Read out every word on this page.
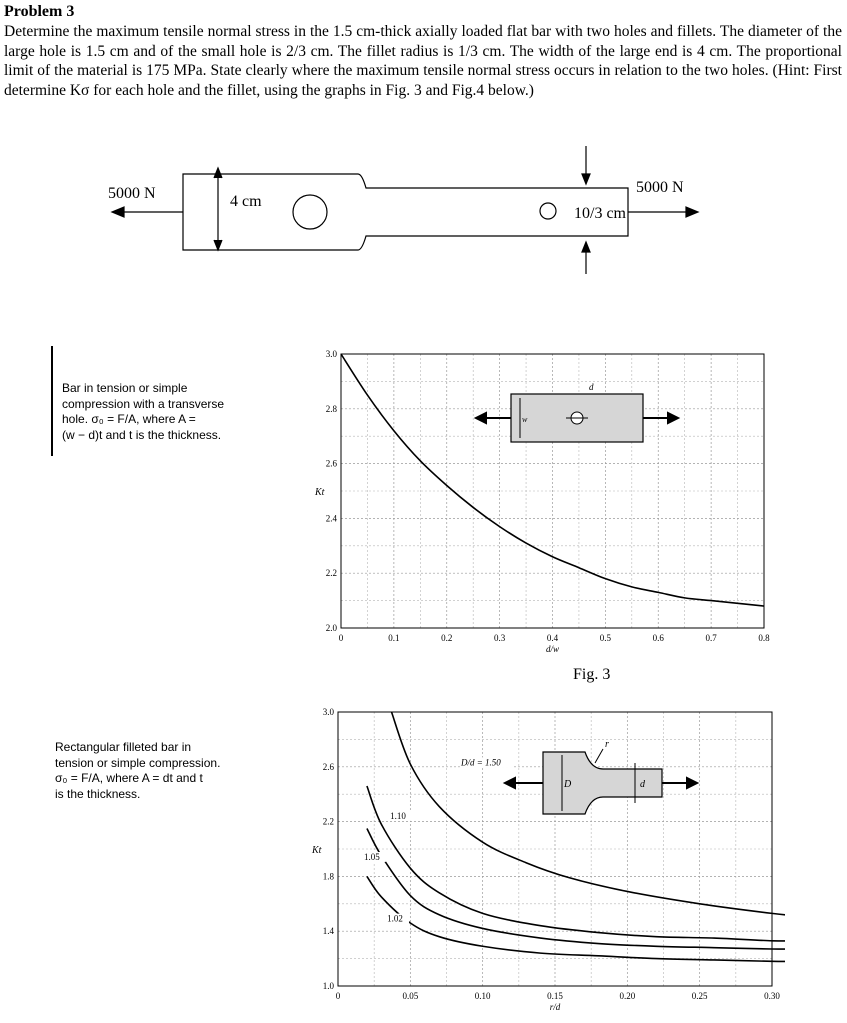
Problem 3
Determine the maximum tensile normal stress in the 1.5 cm-thick axially loaded flat bar with two holes and fillets. The diameter of the large hole is 1.5 cm and of the small hole is 2/3 cm. The fillet radius is 1/3 cm. The width of the large end is 4 cm. The proportional limit of the material is 175 MPa. State clearly where the maximum tensile normal stress occurs in relation to the two holes. (Hint: First determine Kσ for each hole and the fillet, using the graphs in Fig. 3 and Fig.4 below.)
5000 N	5000 N
4 cm
10/3 cm
Bar in tension or simple
compression with a transverse
hole. σ₀ = F/A, where A =
(w − d)t and t is the thickness.
0	0.1	0.2	0.3	0.4	0.5	0.6	0.7	0.8
2.0
2.2
2.4
2.6
2.8
3.0
d/w
Kt
w
d
Fig. 3
Rectangular filleted bar in
tension or simple compression.
σ₀ = F/A, where A = dt and t
is the thickness.
0	0.05	0.10	0.15	0.20	0.25	0.30
1.0
1.4
1.8
2.2
2.6
3.0
r/d
Kt
D/d = 1.50
1.10
1.05
1.02
D	d
r
